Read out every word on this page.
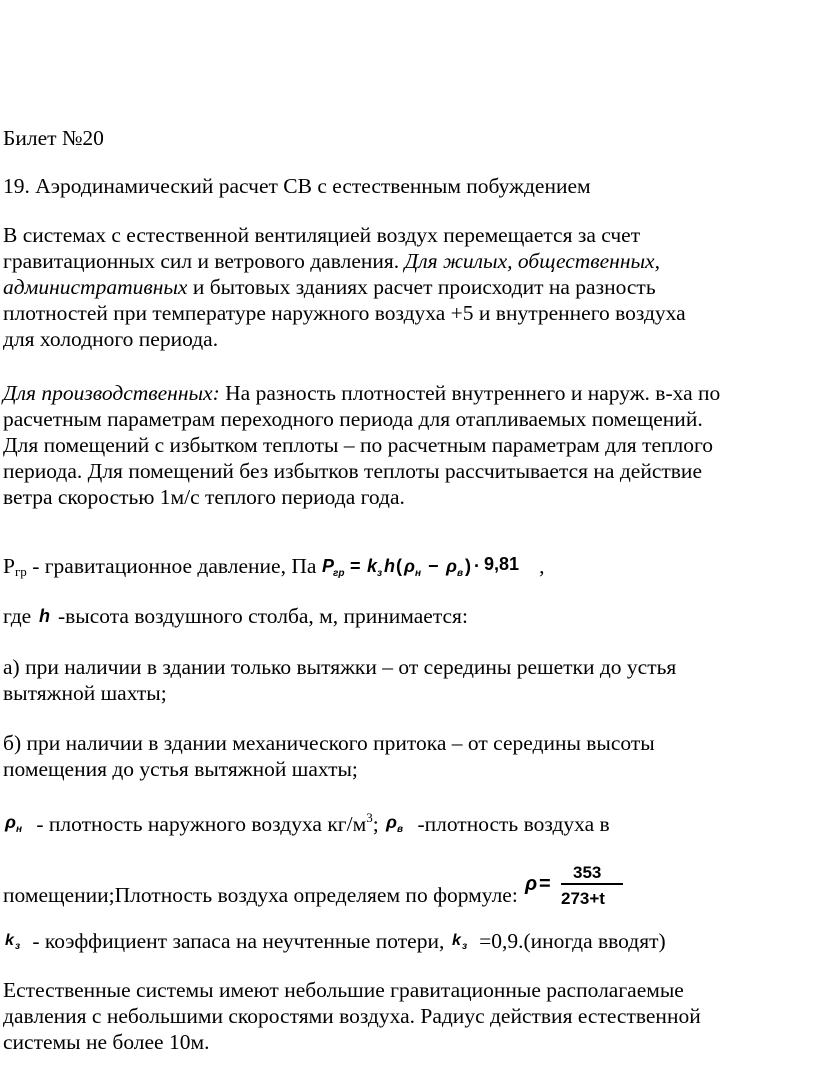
Билет №20

19. Аэродинамический расчет СВ с естественным побуждением

В системах с естественной вентиляцией воздух перемещается за счет
гравитационных сил и ветрового давления. Для жилых, общественных,
административных и бытовых зданиях расчет происходит на разность
плотностей при температуре наружного воздуха +5 и внутреннего воздуха
для холодного периода.
Для производственных: На разность плотностей внутреннего и наруж. в-ха по
расчетным параметрам переходного периода для отапливаемых помещений.
Для помещений с избытком теплоты – по расчетным параметрам для теплого
периода. Для помещений без избытков теплоты рассчитывается на действие
ветра скоростью 1м/с теплого периода года.

$P_{гр}$ - гравитационное давление, Па P
гр = k з h ( ρ н − ρ в ) · 9,81 ,

где h -высота воздушного столба, м, принимается:

а) при наличии в здании только вытяжки – от середины решетки до устья
вытяжной шахты;
б) при наличии в здании механического притока – от середины высоты
помещения до устья вытяжной шахты;

ρ н - плотность наружного воздуха $кг/м^3$; ρ в -плотность воздуха в

помещении;Плотность воздуха определяем по формуле: ρ =
353
273+t

k з - коэффициент запаса на неучтенные потери, k з =0,9.(иногда вводят)

Естественные системы имеют небольшие гравитационные располагаемые
давления с небольшими скоростями воздуха. Радиус действия естественной
системы не более 10м.
